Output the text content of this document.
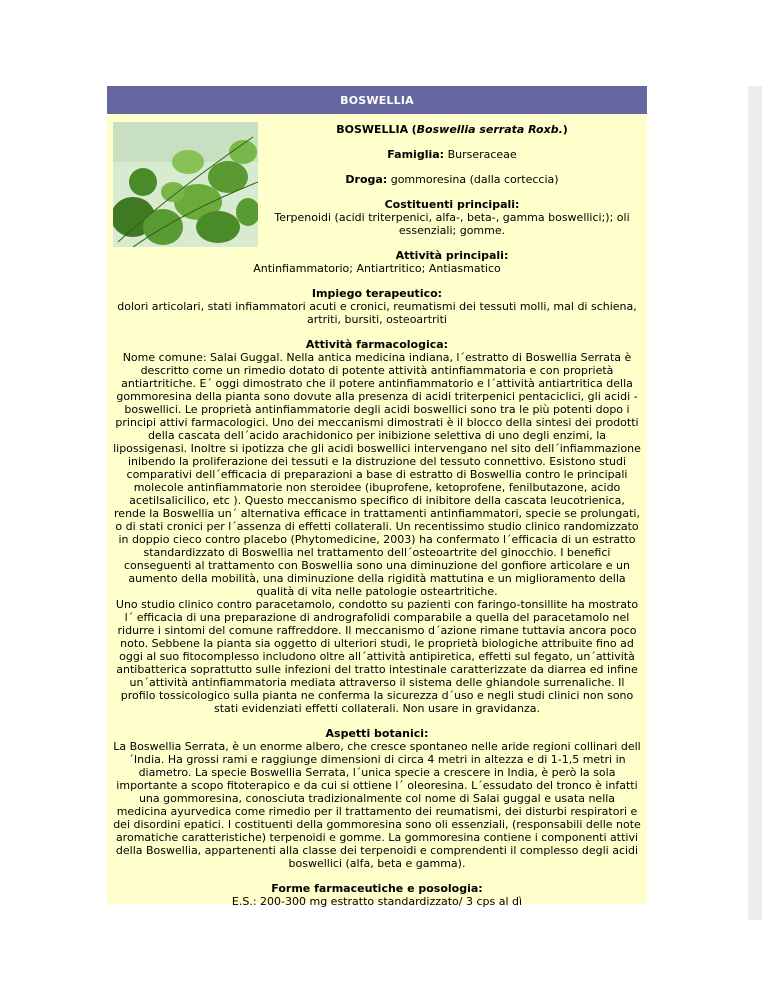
BOSWELLIA

BOSWELLIA (Boswellia serrata Roxb.)

Famiglia: Burseraceae

Droga: gommoresina (dalla corteccia)

Costituenti principali:
Terpenoidi (acidi triterpenici, alfa-, beta-, gamma boswellici;); oli essenziali; gomme.

Attività principali:
Antinfiammatorio; Antiartritico; Antiasmatico

Impiego terapeutico:
dolori articolari, stati infiammatori acuti e cronici, reumatismi dei tessuti molli, mal di schiena, artriti, bursiti, osteoartriti

Attività farmacologica:
Nome comune: Salai Guggal. Nella antica medicina indiana, l´estratto di Boswellia Serrata è descritto come un rimedio dotato di potente attività antinfiammatoria e con proprietà antiartritiche. E´ oggi dimostrato che il potere antinfiammatorio e l´attività antiartritica della gommoresina della pianta sono dovute alla presenza di acidi triterpenici pentaciclici, gli acidi -boswellici. Le proprietà antinfiammatorie degli acidi boswellici sono tra le più potenti dopo i principi attivi farmacologici. Uno dei meccanismi dimostrati è il blocco della sintesi dei prodotti della cascata dell´acido arachidonico per inibizione selettiva di uno degli enzimi, la lipossigenasi. Inoltre si ipotizza che gli acidi boswellici intervengano nel sito dell´infiammazione inibendo la proliferazione dei tessuti e la distruzione del tessuto connettivo. Esistono studi comparativi dell´efficacia di preparazioni a base di estratto di Boswellia contro le principali molecole antinfiammatorie non steroidee (ibuprofene, ketoprofene, fenilbutazone, acido acetilsalicilico, etc ). Questo meccanismo specifico di inibitore della cascata leucotrienica, rende la Boswellia un´ alternativa efficace in trattamenti antinfiammatori, specie se prolungati, o di stati cronici per l´assenza di effetti collaterali. Un recentissimo studio clinico randomizzato in doppio cieco contro placebo (Phytomedicine, 2003) ha confermato l´efficacia di un estratto standardizzato di Boswellia nel trattamento dell´osteoartrite del ginocchio. I benefici conseguenti al trattamento con Boswellia sono una diminuzione del gonfiore articolare e un aumento della mobilità, una diminuzione della rigidità mattutina e un miglioramento della qualità di vita nelle patologie osteartritiche.
Uno studio clinico contro paracetamolo, condotto su pazienti con faringo-tonsillite ha mostrato l´ efficacia di una preparazione di andrografolidi comparabile a quella del paracetamolo nel ridurre i sintomi del comune raffreddore. Il meccanismo d´azione rimane tuttavia ancora poco noto. Sebbene la pianta sia oggetto di ulteriori studi, le proprietà biologiche attribuite fino ad oggi al suo fitocomplesso includono oltre all´attività antipiretica, effetti sul fegato, un´attività antibatterica soprattutto sulle infezioni del tratto intestinale caratterizzate da diarrea ed infine un´attività antinfiammatoria mediata attraverso il sistema delle ghiandole surrenaliche. Il profilo tossicologico sulla pianta ne conferma la sicurezza d´uso e negli studi clinici non sono stati evidenziati effetti collaterali. Non usare in gravidanza.

Aspetti botanici:
La Boswellia Serrata, è un enorme albero, che cresce spontaneo nelle aride regioni collinari dell´India. Ha grossi rami e raggiunge dimensioni di circa 4 metri in altezza e di 1-1,5 metri in diametro. La specie Boswellia Serrata, l´unica specie a crescere in India, è però la sola importante a scopo fitoterapico e da cui si ottiene l´ oleoresina. L´essudato del tronco è infatti una gommoresina, conosciuta tradizionalmente col nome di Salai guggal e usata nella medicina ayurvedica come rimedio per il trattamento dei reumatismi, dei disturbi respiratori e dei disordini epatici. I costituenti della gommoresina sono oli essenziali, (responsabili delle note aromatiche caratteristiche) terpenoidi e gomme. La gommoresina contiene i componenti attivi della Boswellia, appartenenti alla classe dei terpenoidi e comprendenti il complesso degli acidi boswellici (alfa, beta e gamma).

Forme farmaceutiche e posologia:
E.S.: 200-300 mg estratto standardizzato/ 3 cps al dì
